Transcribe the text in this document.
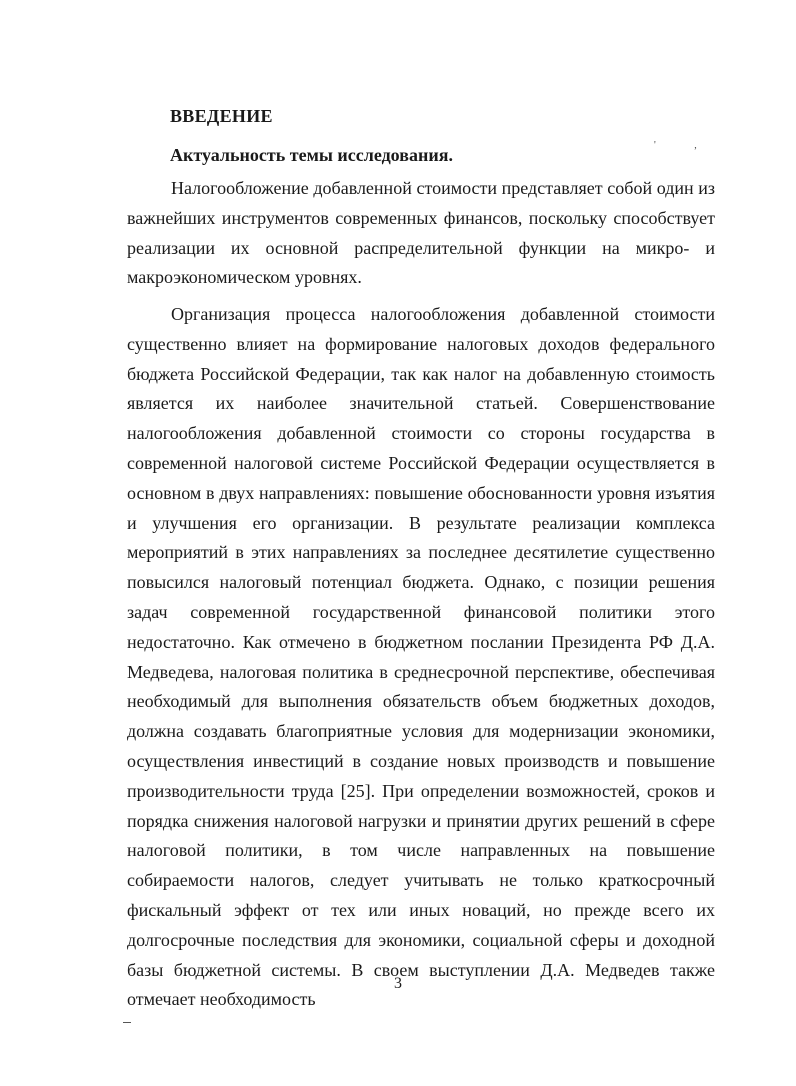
ВВЕДЕНИЕ
Актуальность темы исследования.	' ,

Налогообложение добавленной стоимости представляет собой один из важнейших инструментов современных финансов, поскольку способствует реализации их основной распределительной функции на микро- и макроэкономическом уровнях.

Организация процесса налогообложения добавленной стоимости существенно влияет на формирование налоговых доходов федерального бюджета Российской Федерации, так как налог на добавленную стоимость является их наиболее значительной статьей. Совершенствование налогообложения добавленной стоимости со стороны государства в современной налоговой системе Российской Федерации осуществляется в основном в двух направлениях: повышение обоснованности уровня изъятия и улучшения его организации. В результате реализации комплекса мероприятий в этих направлениях за последнее десятилетие существенно повысился налоговый потенциал бюджета. Однако, с позиции решения задач современной государственной финансовой политики этого недостаточно. Как отмечено в бюджетном послании Президента РФ Д.А. Медведева, налоговая политика в среднесрочной перспективе, обеспечивая необходимый для выполнения обязательств объем бюджетных доходов, должна создавать благоприятные условия для модернизации экономики, осуществления инвестиций в создание новых производств и повышение производительности труда [25]. При определении возможностей, сроков и порядка снижения налоговой нагрузки и принятии других решений в сфере налоговой политики, в том числе направленных на повышение собираемости налогов, следует учитывать не только краткосрочный фискальный эффект от тех или иных новаций, но прежде всего их долгосрочные последствия для экономики, социальной сферы и доходной базы бюджетной системы. В своем выступлении Д.А. Медведев также отмечает необходимость

3
